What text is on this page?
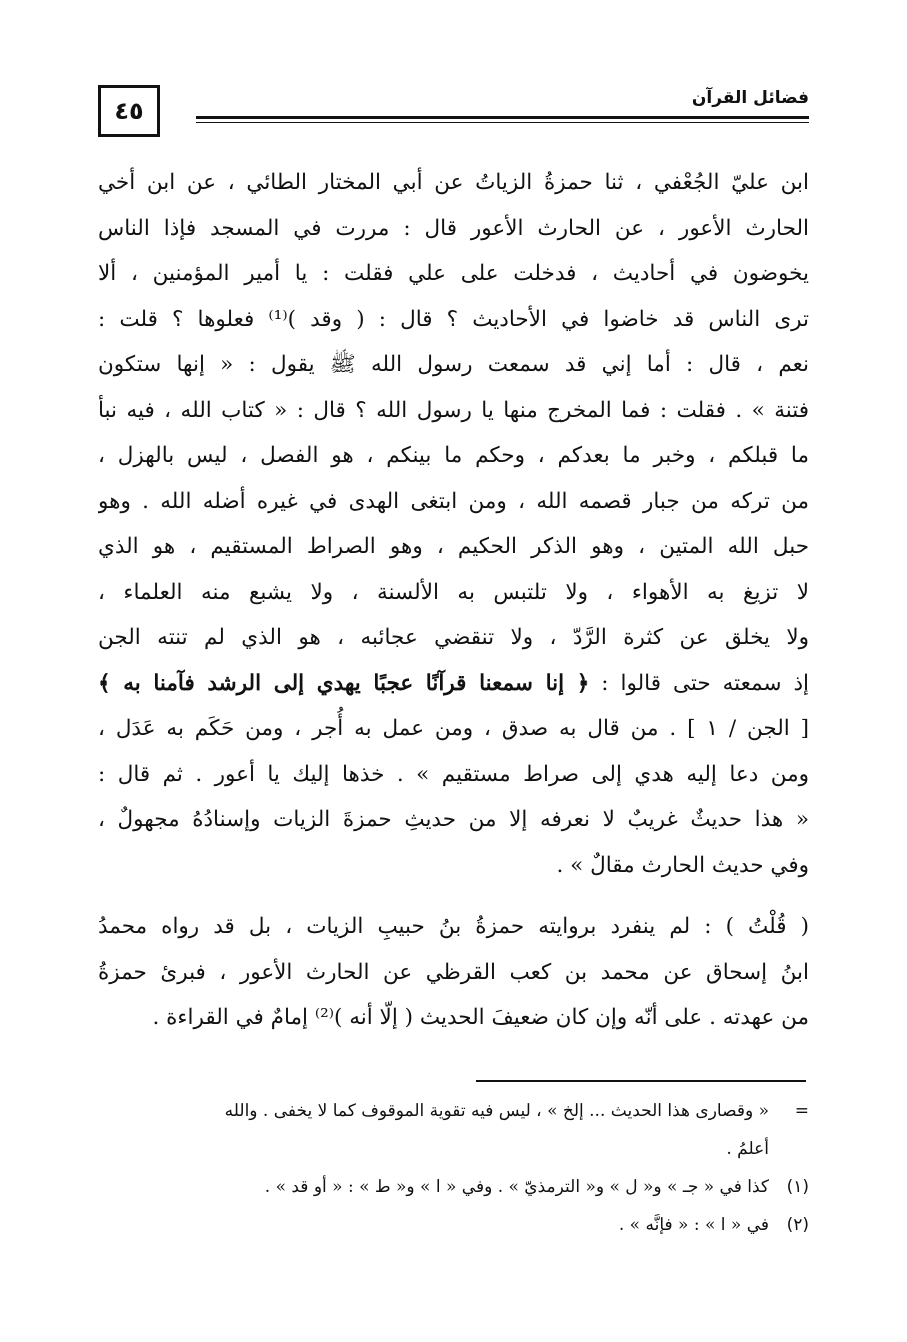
٤٥	فضائل القرآن
ابن عليّ الجُعْفي ، ثنا حمزةُ الزياتُ عن أبي المختار الطائي ، عن ابن أخي
الحارث الأعور ، عن الحارث الأعور قال : مررت في المسجد فإذا الناس
يخوضون في أحاديث ، فدخلت على علي فقلت : يا أمير المؤمنين ، ألا
ترى الناس قد خاضوا في الأحاديث ؟ قال : ( وقد )⁽¹⁾ فعلوها ؟ قلت :
نعم ، قال : أما إني قد سمعت رسول الله ﷺ يقول : « إنها ستكون
فتنة » . فقلت : فما المخرج منها يا رسول الله ؟ قال : « كتاب الله ، فيه نبأ
ما قبلكم ، وخبر ما بعدكم ، وحكم ما بينكم ، هو الفصل ، ليس بالهزل ،
من تركه من جبار قصمه الله ، ومن ابتغى الهدى في غيره أضله الله . وهو
حبل الله المتين ، وهو الذكر الحكيم ، وهو الصراط المستقيم ، هو الذي
لا تزيغ به الأهواء ، ولا تلتبس به الألسنة ، ولا يشبع منه العلماء ،
ولا يخلق عن كثرة الرَّدّ ، ولا تنقضي عجائبه ، هو الذي لم تنته الجن
إذ سمعته حتى قالوا : ﴿ إنا سمعنا قرآنًا عجبًا يهدي إلى الرشد فآمنا به ﴾
[ الجن / ١ ] . من قال به صدق ، ومن عمل به أُجر ، ومن حَكَم به عَدَل ،
ومن دعا إليه هدي إلى صراط مستقيم » . خذها إليك يا أعور . ثم قال :
« هذا حديثٌ غريبٌ لا نعرفه إلا من حديثِ حمزةَ الزيات وإسنادُهُ مجهولٌ ،
وفي حديث الحارث مقالٌ » .
( قُلْتُ ) : لم ينفرد بروايته حمزةُ بنُ حبيبِ الزيات ، بل قد رواه محمدُ
ابنُ إسحاق عن محمد بن كعب القرظي عن الحارث الأعور ، فبرئ حمزةُ
من عهدته . على أنّه وإن كان ضعيفَ الحديث ( إلّا أنه )⁽²⁾ إمامٌ في القراءة .
=
« وقصارى هذا الحديث ... إلخ » ، ليس فيه تقوية الموقوف كما لا يخفى . والله
أعلمُ .
(١)
كذا في « جـ » و« ل » و« الترمذيّ » . وفي « ا » و« ط » : « أو قد » .
(٢)
في « ا » : « فإنَّه » .
